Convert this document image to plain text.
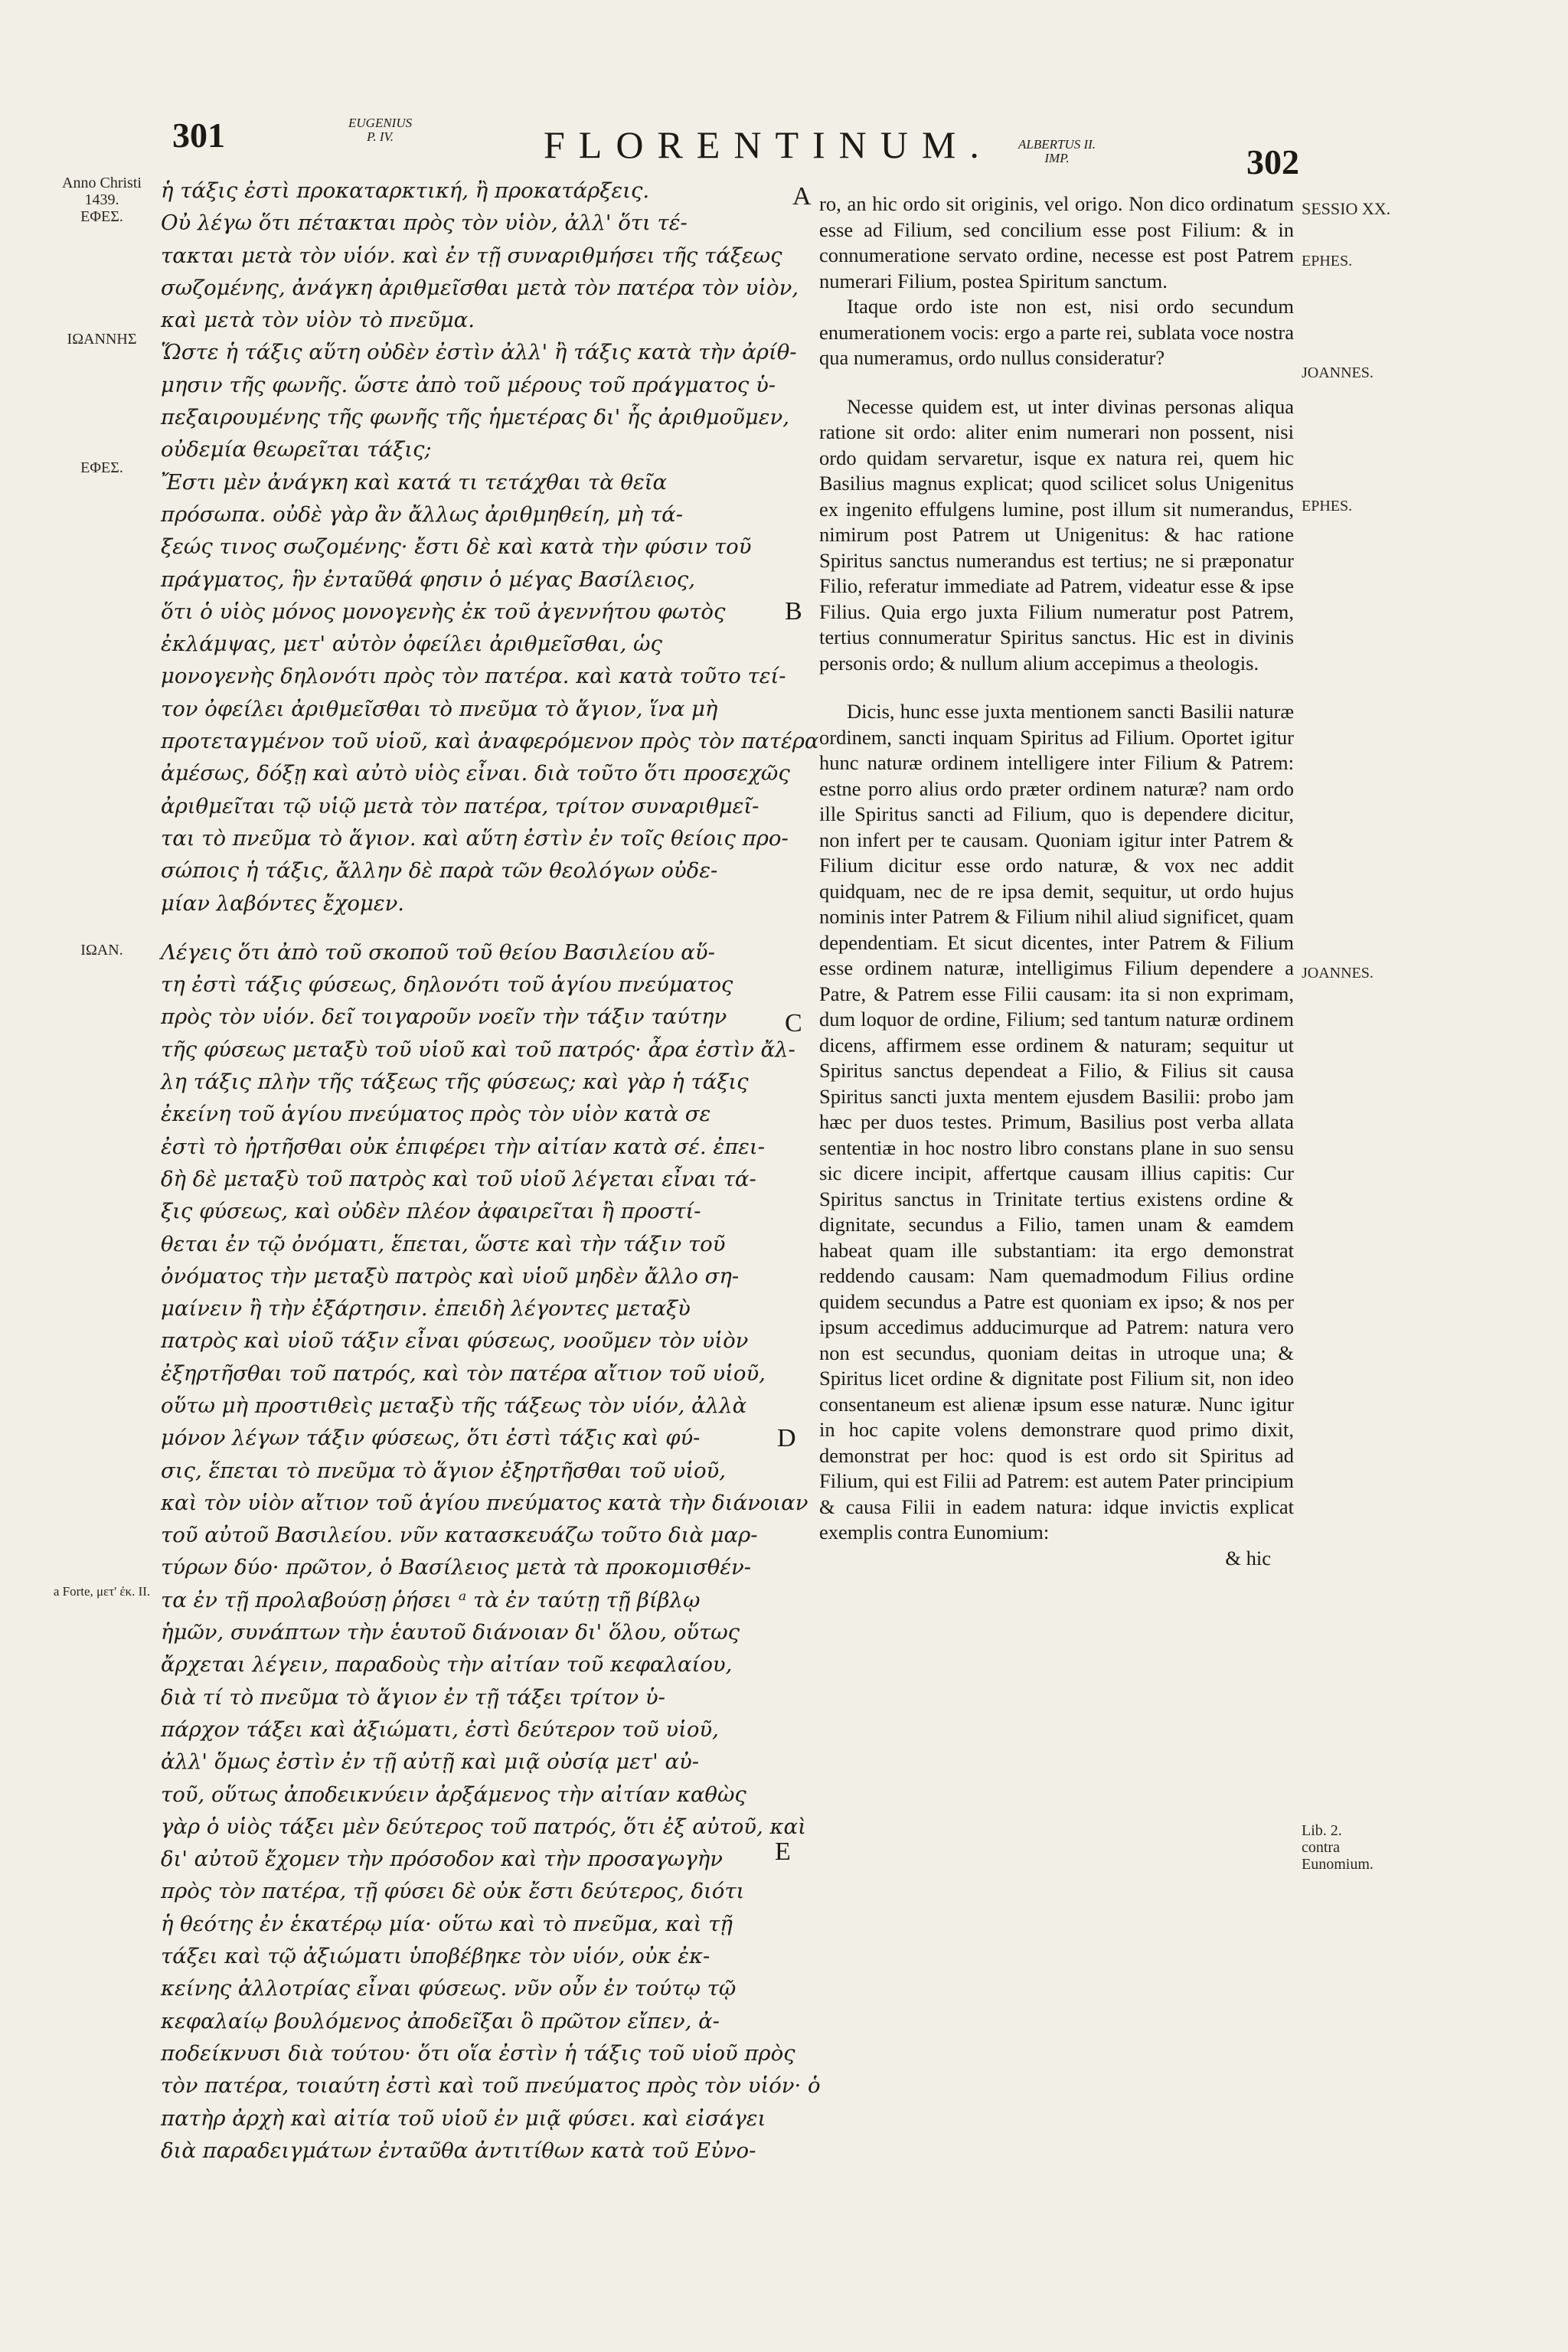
301	EUGENIUS
P. IV.	FLORENTINUM. ALBERTUS II.
IMP.	302
Anno Christi 1439.
ΕΦΕΣ.
ΙΩΑΝΝΗΣ
ΕΦΕΣ.
ΙΩΑΝ.
a Forte, μετ' ἐκ. II.
SESSIO XX.
EPHES.
JOANNES.
EPHES.
JOANNES.
Lib. 2. contra Eunomium.
A
B
C
D
E
ἡ τάξις ἐστὶ προκαταρκτική, ἢ προκατάρξεις.
Οὐ λέγω ὅτι πέτακται πρὸς τὸν υἱὸν, ἀλλ' ὅτι τέ-
τακται μετὰ τὸν υἱόν. καὶ ἐν τῇ συναριθμήσει τῆς τάξεως
σωζομένης, ἀνάγκη ἀριθμεῖσθαι μετὰ τὸν πατέρα τὸν υἱὸν,
καὶ μετὰ τὸν υἱὸν τὸ πνεῦμα.
Ὥστε ἡ τάξις αὕτη οὐδὲν ἐστὶν ἀλλ' ἢ τάξις κατὰ τὴν ἀρίθ-
μησιν τῆς φωνῆς. ὥστε ἀπὸ τοῦ μέρους τοῦ πράγματος ὑ-
πεξαιρουμένης τῆς φωνῆς τῆς ἡμετέρας δι' ἧς ἀριθμοῦμεν,
οὐδεμία θεωρεῖται τάξις;
Ἔστι μὲν ἀνάγκη καὶ κατά τι τετάχθαι τὰ θεῖα
πρόσωπα. οὐδὲ γὰρ ἂν ἄλλως ἀριθμηθείη, μὴ τά-
ξεώς τινος σωζομένης· ἔστι δὲ καὶ κατὰ τὴν φύσιν τοῦ
πράγματος, ἣν ἐνταῦθά φησιν ὁ μέγας Βασίλειος,
ὅτι ὁ υἱὸς μόνος μονογενὴς ἐκ τοῦ ἀγεννήτου φωτὸς
ἐκλάμψας, μετ' αὐτὸν ὀφείλει ἀριθμεῖσθαι, ὡς
μονογενὴς δηλονότι πρὸς τὸν πατέρα. καὶ κατὰ τοῦτο τεί-
τον ὀφείλει ἀριθμεῖσθαι τὸ πνεῦμα τὸ ἅγιον, ἵνα μὴ
προτεταγμένον τοῦ υἱοῦ, καὶ ἀναφερόμενον πρὸς τὸν πατέρα
ἀμέσως, δόξῃ καὶ αὐτὸ υἱὸς εἶναι. διὰ τοῦτο ὅτι προσεχῶς
ἀριθμεῖται τῷ υἱῷ μετὰ τὸν πατέρα, τρίτον συναριθμεῖ-
ται τὸ πνεῦμα τὸ ἅγιον. καὶ αὕτη ἐστὶν ἐν τοῖς θείοις προ-
σώποις ἡ τάξις, ἄλλην δὲ παρὰ τῶν θεολόγων οὐδε-
μίαν λαβόντες ἔχομεν.
Λέγεις ὅτι ἀπὸ τοῦ σκοποῦ τοῦ θείου Βασιλείου αὕ-
τη ἐστὶ τάξις φύσεως, δηλονότι τοῦ ἁγίου πνεύματος
πρὸς τὸν υἱόν. δεῖ τοιγαροῦν νοεῖν τὴν τάξιν ταύτην
τῆς φύσεως μεταξὺ τοῦ υἱοῦ καὶ τοῦ πατρός· ἆρα ἐστὶν ἄλ-
λη τάξις πλὴν τῆς τάξεως τῆς φύσεως; καὶ γὰρ ἡ τάξις
ἐκείνη τοῦ ἁγίου πνεύματος πρὸς τὸν υἱὸν κατὰ σε
ἐστὶ τὸ ἠρτῆσθαι οὐκ ἐπιφέρει τὴν αἰτίαν κατὰ σέ. ἐπει-
δὴ δὲ μεταξὺ τοῦ πατρὸς καὶ τοῦ υἱοῦ λέγεται εἶναι τά-
ξις φύσεως, καὶ οὐδὲν πλέον ἀφαιρεῖται ἢ προστί-
θεται ἐν τῷ ὀνόματι, ἕπεται, ὥστε καὶ τὴν τάξιν τοῦ
ὀνόματος τὴν μεταξὺ πατρὸς καὶ υἱοῦ μηδὲν ἄλλο ση-
μαίνειν ἢ τὴν ἐξάρτησιν. ἐπειδὴ λέγοντες μεταξὺ
πατρὸς καὶ υἱοῦ τάξιν εἶναι φύσεως, νοοῦμεν τὸν υἱὸν
ἐξηρτῆσθαι τοῦ πατρός, καὶ τὸν πατέρα αἴτιον τοῦ υἱοῦ,
οὕτω μὴ προστιθεὶς μεταξὺ τῆς τάξεως τὸν υἱόν, ἀλλὰ
μόνον λέγων τάξιν φύσεως, ὅτι ἐστὶ τάξις καὶ φύ-
σις, ἕπεται τὸ πνεῦμα τὸ ἅγιον ἐξηρτῆσθαι τοῦ υἱοῦ,
καὶ τὸν υἱὸν αἴτιον τοῦ ἁγίου πνεύματος κατὰ τὴν διάνοιαν
τοῦ αὐτοῦ Βασιλείου. νῦν κατασκευάζω τοῦτο διὰ μαρ-
τύρων δύο· πρῶτον, ὁ Βασίλειος μετὰ τὰ προκομισθέν-
τα ἐν τῇ προλαβούσῃ ῥήσει ᵃ τὰ ἐν ταύτῃ τῇ βίβλῳ
ἡμῶν, συνάπτων τὴν ἑαυτοῦ διάνοιαν δι' ὅλου, οὕτως
ἄρχεται λέγειν, παραδοὺς τὴν αἰτίαν τοῦ κεφαλαίου,
διὰ τί τὸ πνεῦμα τὸ ἅγιον ἐν τῇ τάξει τρίτον ὑ-
πάρχον τάξει καὶ ἀξιώματι, ἐστὶ δεύτερον τοῦ υἱοῦ,
ἀλλ' ὅμως ἐστὶν ἐν τῇ αὐτῇ καὶ μιᾷ οὐσίᾳ μετ' αὐ-
τοῦ, οὕτως ἀποδεικνύειν ἀρξάμενος τὴν αἰτίαν καθὼς
γὰρ ὁ υἱὸς τάξει μὲν δεύτερος τοῦ πατρός, ὅτι ἐξ αὐτοῦ, καὶ
δι' αὐτοῦ ἔχομεν τὴν πρόσοδον καὶ τὴν προσαγωγὴν
πρὸς τὸν πατέρα, τῇ φύσει δὲ οὐκ ἔστι δεύτερος, διότι
ἡ θεότης ἐν ἑκατέρῳ μία· οὕτω καὶ τὸ πνεῦμα, καὶ τῇ
τάξει καὶ τῷ ἀξιώματι ὑποβέβηκε τὸν υἱόν, οὐκ ἐκ-
κείνης ἀλλοτρίας εἶναι φύσεως. νῦν οὖν ἐν τούτῳ τῷ
κεφαλαίῳ βουλόμενος ἀποδεῖξαι ὃ πρῶτον εἴπεν, ἀ-
ποδείκνυσι διὰ τούτου· ὅτι οἵα ἐστὶν ἡ τάξις τοῦ υἱοῦ πρὸς
τὸν πατέρα, τοιαύτη ἐστὶ καὶ τοῦ πνεύματος πρὸς τὸν υἱόν· ὁ
πατὴρ ἀρχὴ καὶ αἰτία τοῦ υἱοῦ ἐν μιᾷ φύσει. καὶ εἰσάγει
διὰ παραδειγμάτων ἐνταῦθα ἀντιτίθων κατὰ τοῦ Εὐνο-

ro, an hic ordo sit originis, vel origo. Non dico ordinatum esse ad Filium, sed concilium esse post Filium: & in connumeratione servato ordine, necesse est post Patrem numerari Filium, postea Spiritum sanctum.

Itaque ordo iste non est, nisi ordo secundum enumerationem vocis: ergo a parte rei, sublata voce nostra qua numeramus, ordo nullus consideratur?

Necesse quidem est, ut inter divinas personas aliqua ratione sit ordo: aliter enim numerari non possent, nisi ordo quidam servaretur, isque ex natura rei, quem hic Basilius magnus explicat; quod scilicet solus Unigenitus ex ingenito effulgens lumine, post illum sit numerandus, nimirum post Patrem ut Unigenitus: & hac ratione Spiritus sanctus numerandus est tertius; ne si præponatur Filio, referatur immediate ad Patrem, videatur esse & ipse Filius. Quia ergo juxta Filium numeratur post Patrem, tertius connumeratur Spiritus sanctus. Hic est in divinis personis ordo; & nullum alium accepimus a theologis.

Dicis, hunc esse juxta mentionem sancti Basilii naturæ ordinem, sancti inquam Spiritus ad Filium. Oportet igitur hunc naturæ ordinem intelligere inter Filium & Patrem: estne porro alius ordo præter ordinem naturæ? nam ordo ille Spiritus sancti ad Filium, quo is dependere dicitur, non infert per te causam. Quoniam igitur inter Patrem & Filium dicitur esse ordo naturæ, & vox nec addit quidquam, nec de re ipsa demit, sequitur, ut ordo hujus nominis inter Patrem & Filium nihil aliud significet, quam dependentiam. Et sicut dicentes, inter Patrem & Filium esse ordinem naturæ, intelligimus Filium dependere a Patre, & Patrem esse Filii causam: ita si non exprimam, dum loquor de ordine, Filium; sed tantum naturæ ordinem dicens, affirmem esse ordinem & naturam; sequitur ut Spiritus sanctus dependeat a Filio, & Filius sit causa Spiritus sancti juxta mentem ejusdem Basilii: probo jam hæc per duos testes. Primum, Basilius post verba allata sententiæ in hoc nostro libro constans plane in suo sensu sic dicere incipit, affertque causam illius capitis: Cur Spiritus sanctus in Trinitate tertius existens ordine & dignitate, secundus a Filio, tamen unam & eamdem habeat quam ille substantiam: ita ergo demonstrat reddendo causam: Nam quemadmodum Filius ordine quidem secundus a Patre est quoniam ex ipso; & nos per ipsum accedimus adducimurque ad Patrem: natura vero non est secundus, quoniam deitas in utroque una; & Spiritus licet ordine & dignitate post Filium sit, non ideo consentaneum est alienæ ipsum esse naturæ. Nunc igitur in hoc capite volens demonstrare quod primo dixit, demonstrat per hoc: quod is est ordo sit Spiritus ad Filium, qui est Filii ad Patrem: est autem Pater principium & causa Filii in eadem natura: idque invictis explicat exemplis contra Eunomium:

& hic
